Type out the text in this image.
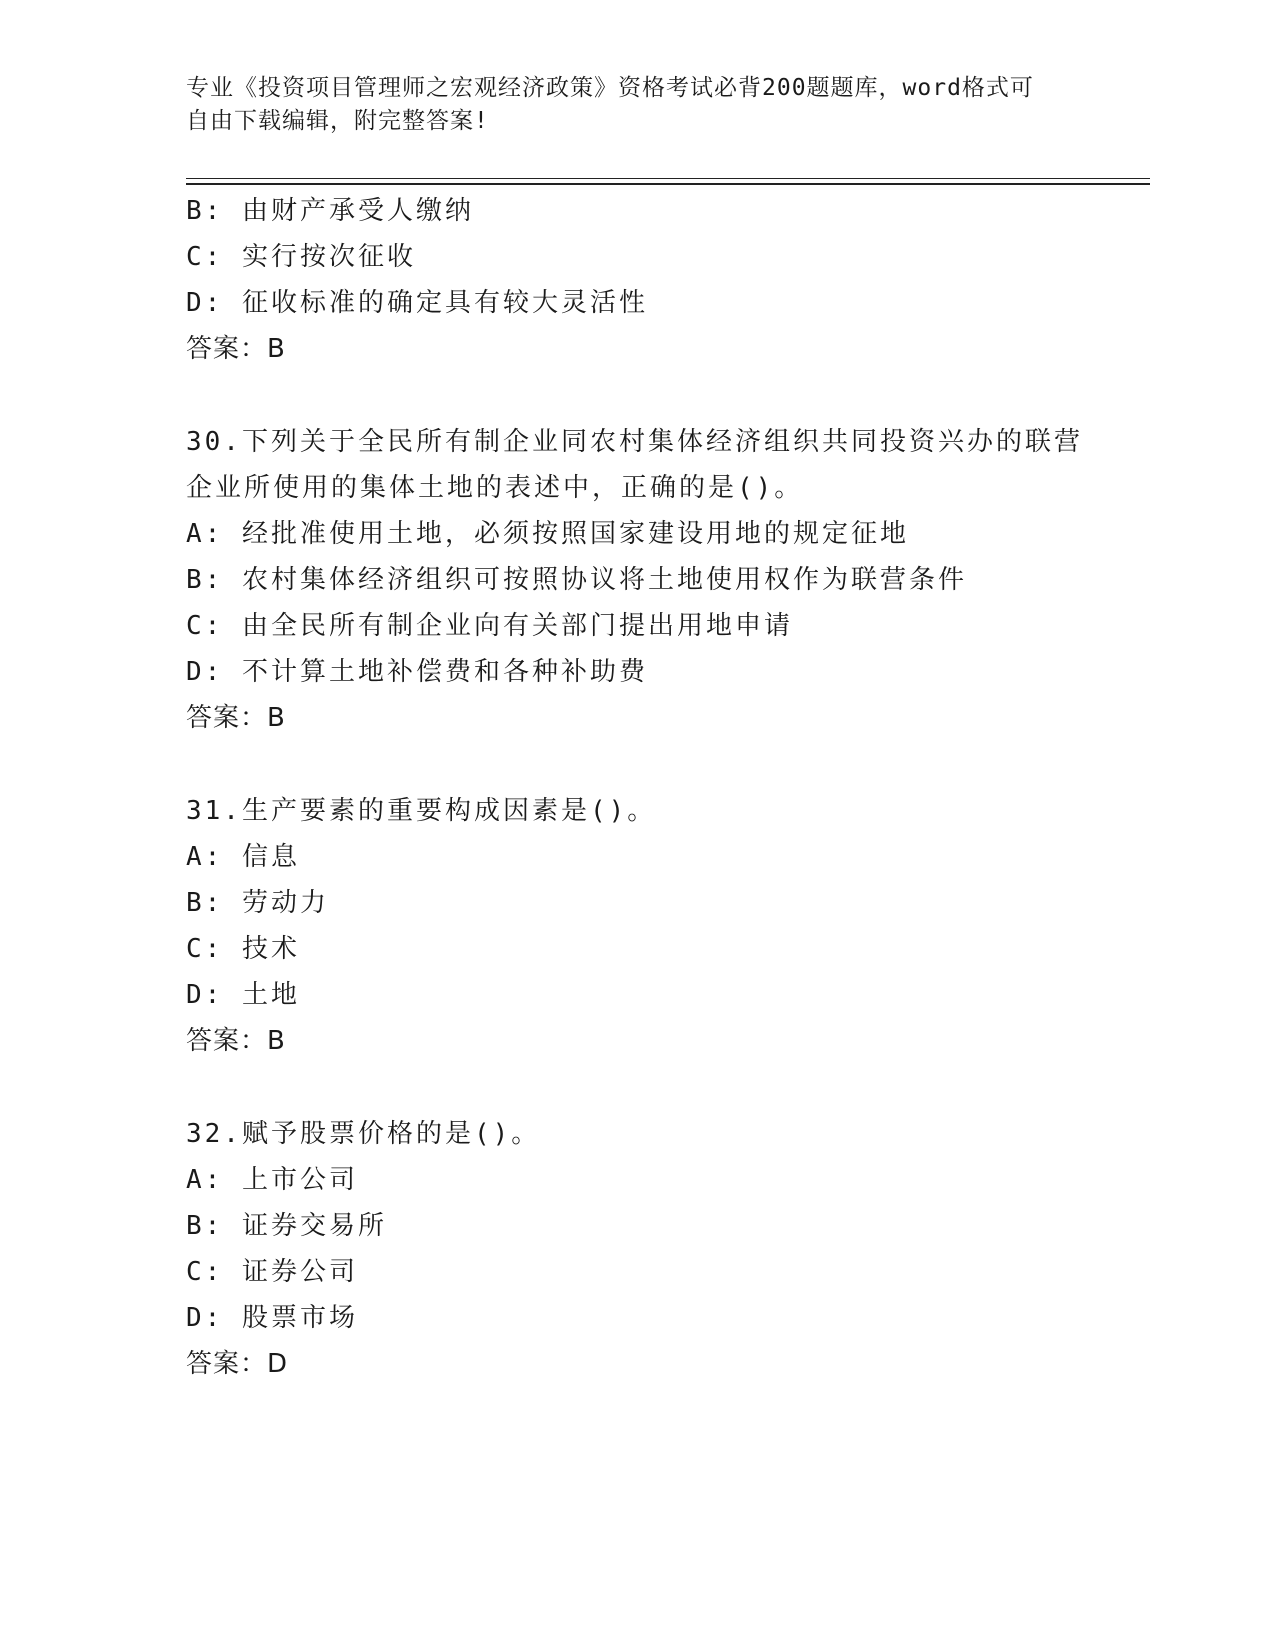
专业《投资项目管理师之宏观经济政策》资格考试必背200题题库，word格式可
自由下载编辑，附完整答案!
B: 由财产承受人缴纳
C: 实行按次征收
D: 征收标准的确定具有较大灵活性
答案：B
30.下列关于全民所有制企业同农村集体经济组织共同投资兴办的联营
企业所使用的集体土地的表述中，正确的是()。
A: 经批准使用土地，必须按照国家建设用地的规定征地
B: 农村集体经济组织可按照协议将土地使用权作为联营条件
C: 由全民所有制企业向有关部门提出用地申请
D: 不计算土地补偿费和各种补助费
答案：B
31.生产要素的重要构成因素是()。
A: 信息
B: 劳动力
C: 技术
D: 土地
答案：B
32.赋予股票价格的是()。
A: 上市公司
B: 证券交易所
C: 证券公司
D: 股票市场
答案：D
